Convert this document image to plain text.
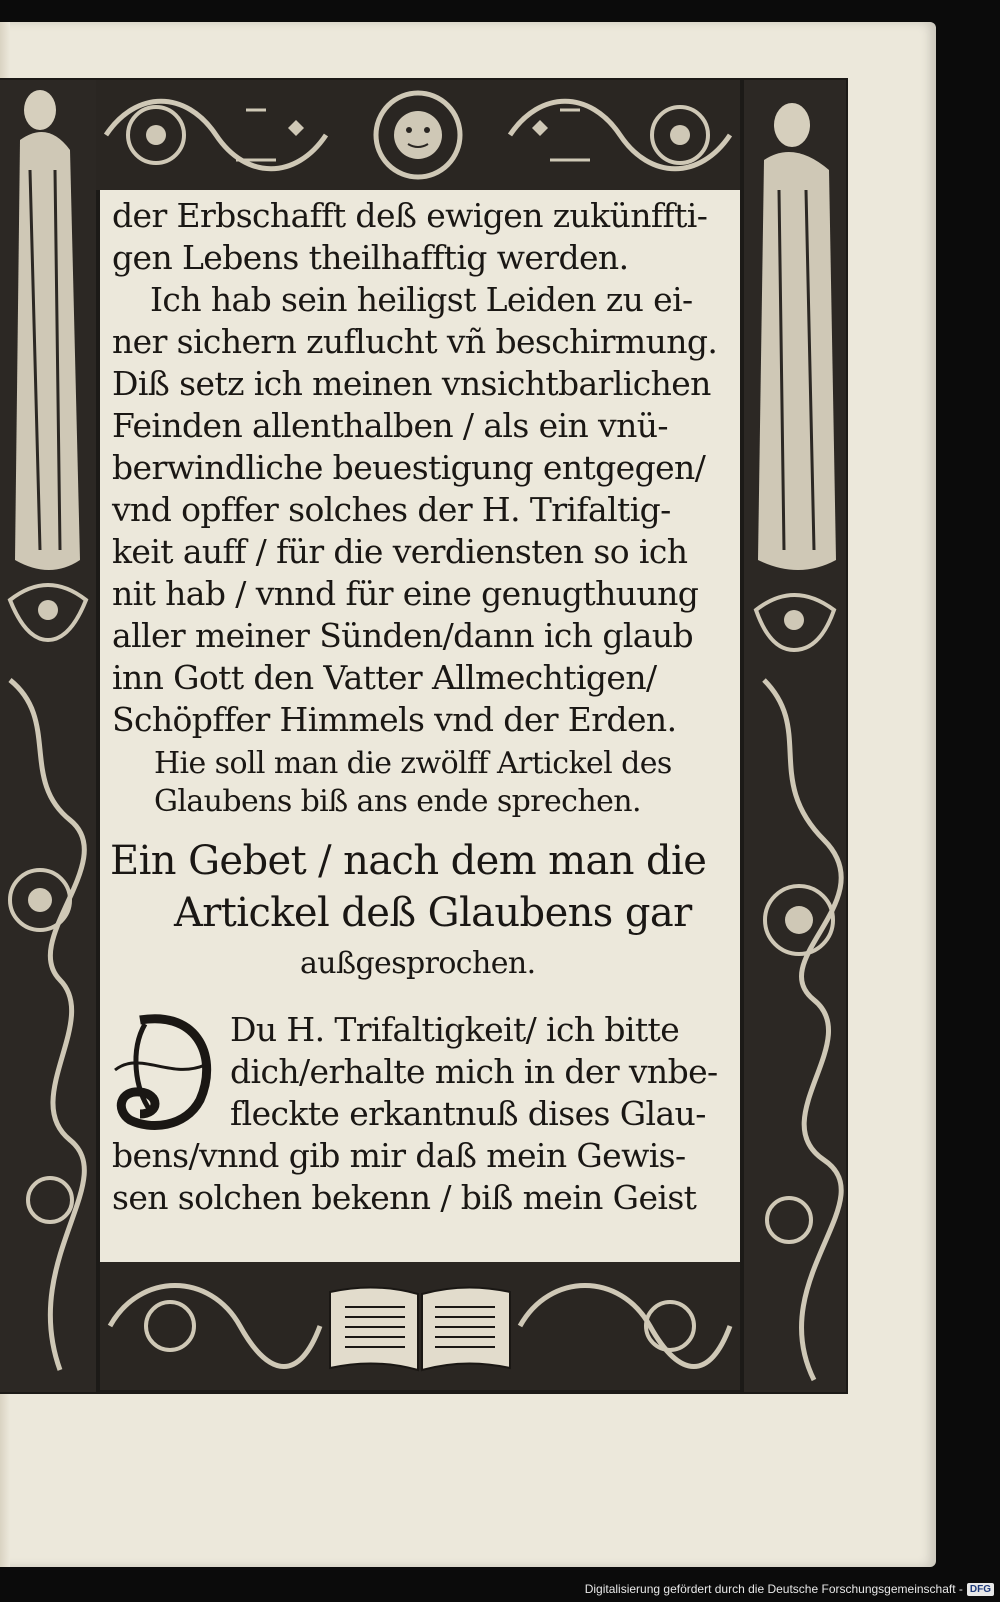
der Erbschafft deß ewigen zukünffti-
gen Lebens theilhafftig werden.
Ich hab sein heiligst Leiden zu ei-
ner sichern zuflucht vñ beschirmung.
Diß setz ich meinen vnsichtbarlichen
Feinden allenthalben / als ein vnü-
berwindliche beuestigung entgegen/
vnd opffer solches der H. Trifaltig-
keit auff / für die verdiensten so ich
nit hab / vnnd für eine genugthuung
aller meiner Sünden/dann ich glaub
inn Gott den Vatter Allmechtigen/
Schöpffer Himmels vnd der Erden.
Hie soll man die zwölff Artickel des
Glaubens biß ans ende sprechen.
Ein Gebet / nach dem man die
Artickel deß Glaubens gar
außgesprochen.
Du H. Trifaltigkeit/ ich bitte
dich/erhalte mich in der vnbe-
fleckte erkantnuß dises Glau-
bens/vnnd gib mir daß mein Gewis-
sen solchen bekenn / biß mein Geist
Digitalisierung gefördert durch die Deutsche Forschungsgemeinschaft - DFG
